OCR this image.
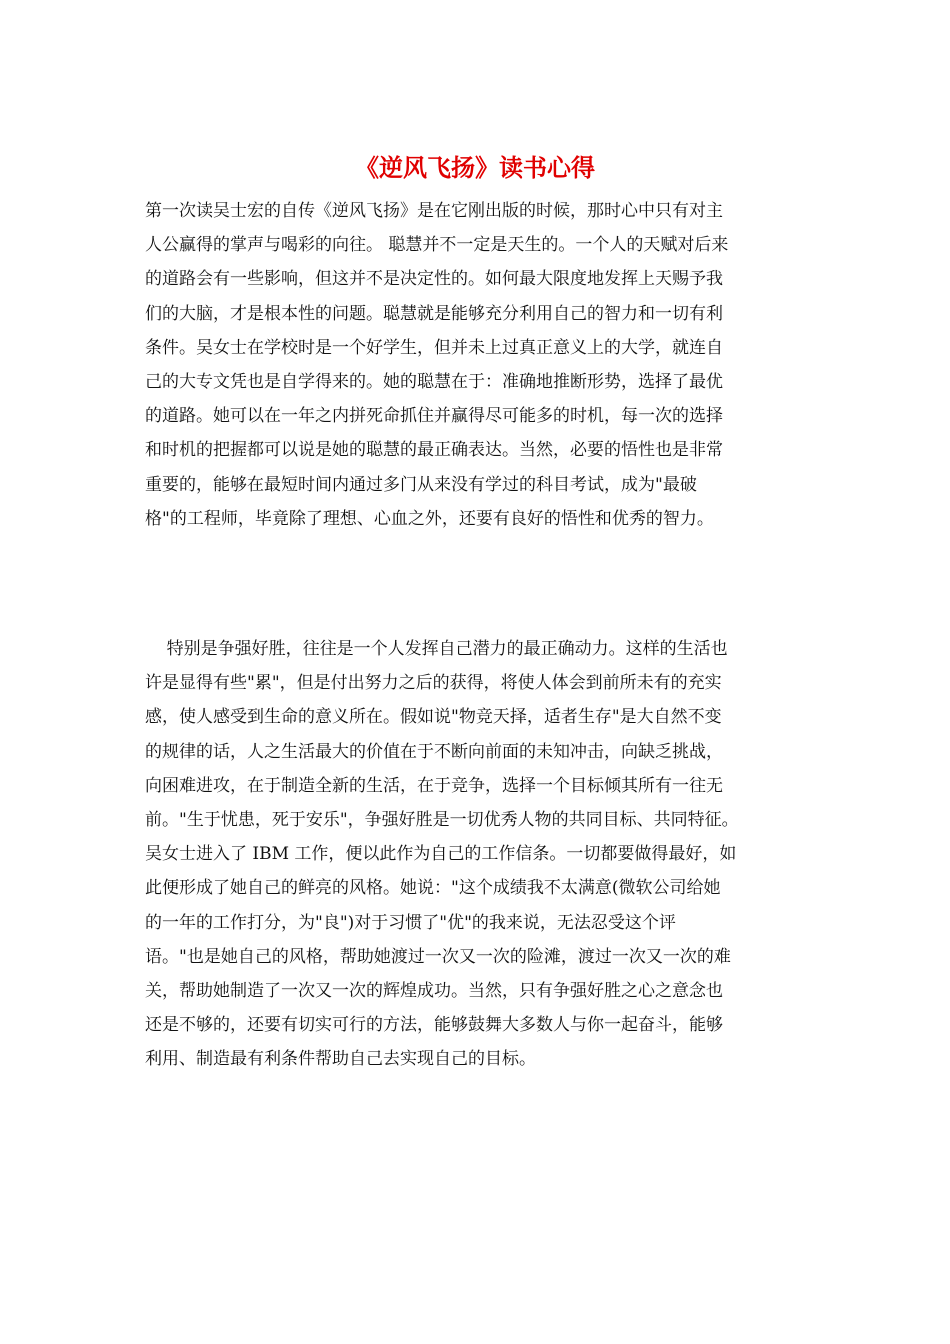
《逆风飞扬》读书心得
第一次读吴士宏的自传《逆风飞扬》是在它刚出版的时候，那时心中只有对主
人公赢得的掌声与喝彩的向往。 聪慧并不一定是天生的。一个人的天赋对后来
的道路会有一些影响，但这并不是决定性的。如何最大限度地发挥上天赐予我
们的大脑，才是根本性的问题。聪慧就是能够充分利用自己的智力和一切有利
条件。吴女士在学校时是一个好学生，但并未上过真正意义上的大学，就连自
己的大专文凭也是自学得来的。她的聪慧在于：准确地推断形势，选择了最优
的道路。她可以在一年之内拼死命抓住并赢得尽可能多的时机，每一次的选择
和时机的把握都可以说是她的聪慧的最正确表达。当然，必要的悟性也是非常
重要的，能够在最短时间内通过多门从来没有学过的科目考试，成为"最破
格"的工程师，毕竟除了理想、心血之外，还要有良好的悟性和优秀的智力。
特别是争强好胜，往往是一个人发挥自己潜力的最正确动力。这样的生活也
许是显得有些"累"，但是付出努力之后的获得，将使人体会到前所未有的充实
感，使人感受到生命的意义所在。假如说"物竞天择，适者生存"是大自然不变
的规律的话，人之生活最大的价值在于不断向前面的未知冲击，向缺乏挑战，
向困难进攻，在于制造全新的生活，在于竞争，选择一个目标倾其所有一往无
前。"生于忧患，死于安乐"，争强好胜是一切优秀人物的共同目标、共同特征。
吴女士进入了 IBM 工作，便以此作为自己的工作信条。一切都要做得最好，如
此便形成了她自己的鲜亮的风格。她说："这个成绩我不太满意(微软公司给她
的一年的工作打分，为"良")对于习惯了"优"的我来说，无法忍受这个评
语。"也是她自己的风格，帮助她渡过一次又一次的险滩，渡过一次又一次的难
关，帮助她制造了一次又一次的辉煌成功。当然，只有争强好胜之心之意念也
还是不够的，还要有切实可行的方法，能够鼓舞大多数人与你一起奋斗，能够
利用、制造最有利条件帮助自己去实现自己的目标。
